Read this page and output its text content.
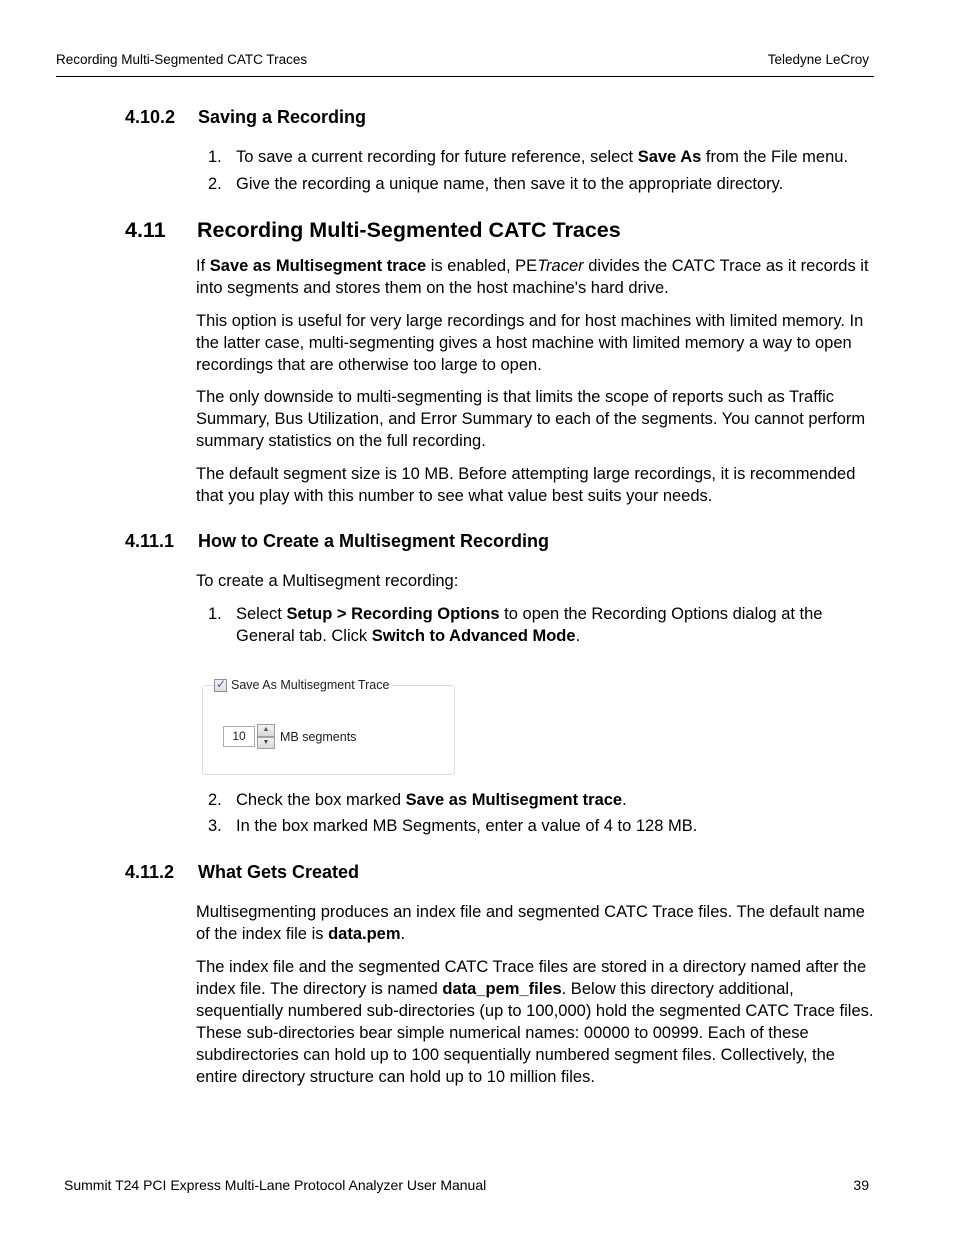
Recording Multi-Segmented CATC Traces	Teledyne LeCroy
4.10.2 Saving a Recording
1. To save a current recording for future reference, select Save As from the File menu.
2. Give the recording a unique name, then save it to the appropriate directory.
4.11 Recording Multi-Segmented CATC Traces
If Save as Multisegment trace is enabled, PETracer divides the CATC Trace as it records it into segments and stores them on the host machine's hard drive.
This option is useful for very large recordings and for host machines with limited memory. In the latter case, multi-segmenting gives a host machine with limited memory a way to open recordings that are otherwise too large to open.
The only downside to multi-segmenting is that limits the scope of reports such as Traffic Summary, Bus Utilization, and Error Summary to each of the segments. You cannot perform summary statistics on the full recording.
The default segment size is 10 MB. Before attempting large recordings, it is recommended that you play with this number to see what value best suits your needs.
4.11.1 How to Create a Multisegment Recording
To create a Multisegment recording:
1. Select Setup > Recording Options to open the Recording Options dialog at the General tab. Click Switch to Advanced Mode.
✓ Save As Multisegment Trace
10	▲
▼ MB segments
2. Check the box marked Save as Multisegment trace.
3. In the box marked MB Segments, enter a value of 4 to 128 MB.
4.11.2 What Gets Created
Multisegmenting produces an index file and segmented CATC Trace files. The default name of the index file is data.pem.
The index file and the segmented CATC Trace files are stored in a directory named after the index file. The directory is named data_pem_files. Below this directory additional, sequentially numbered sub-directories (up to 100,000) hold the segmented CATC Trace files. These sub-directories bear simple numerical names: 00000 to 00999. Each of these subdirectories can hold up to 100 sequentially numbered segment files. Collectively, the entire directory structure can hold up to 10 million files.
Summit T24 PCI Express Multi-Lane Protocol Analyzer User Manual	39
